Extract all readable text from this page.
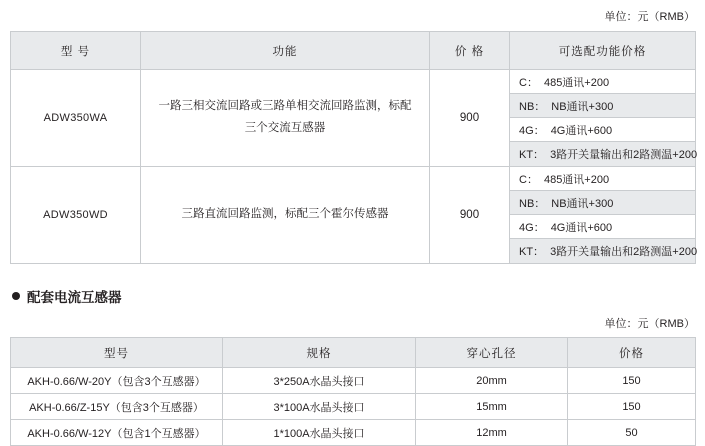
单位：元（RMB）
型 号	功能	价 格	可选配功能价格
ADW350WA	一路三相交流回路或三路单相交流回路监测，标配三个交流互感器	900	
C： 485通讯+200
NB： NB通讯+300
4G： 4G通讯+600
KT： 3路开关量输出和2路测温+200

ADW350WD	三路直流回路监测，标配三个霍尔传感器	900	
C： 485通讯+200
NB： NB通讯+300
4G： 4G通讯+600
KT： 3路开关量输出和2路测温+200
配套电流互感器
单位：元（RMB）
型号	规格	穿心孔径	价格
AKH-0.66/W-20Y（包含3个互感器）	3*250A水晶头接口	20mm	150
AKH-0.66/Z-15Y（包含3个互感器）	3*100A水晶头接口	15mm	150
AKH-0.66/W-12Y（包含1个互感器）	1*100A水晶头接口	12mm	50
